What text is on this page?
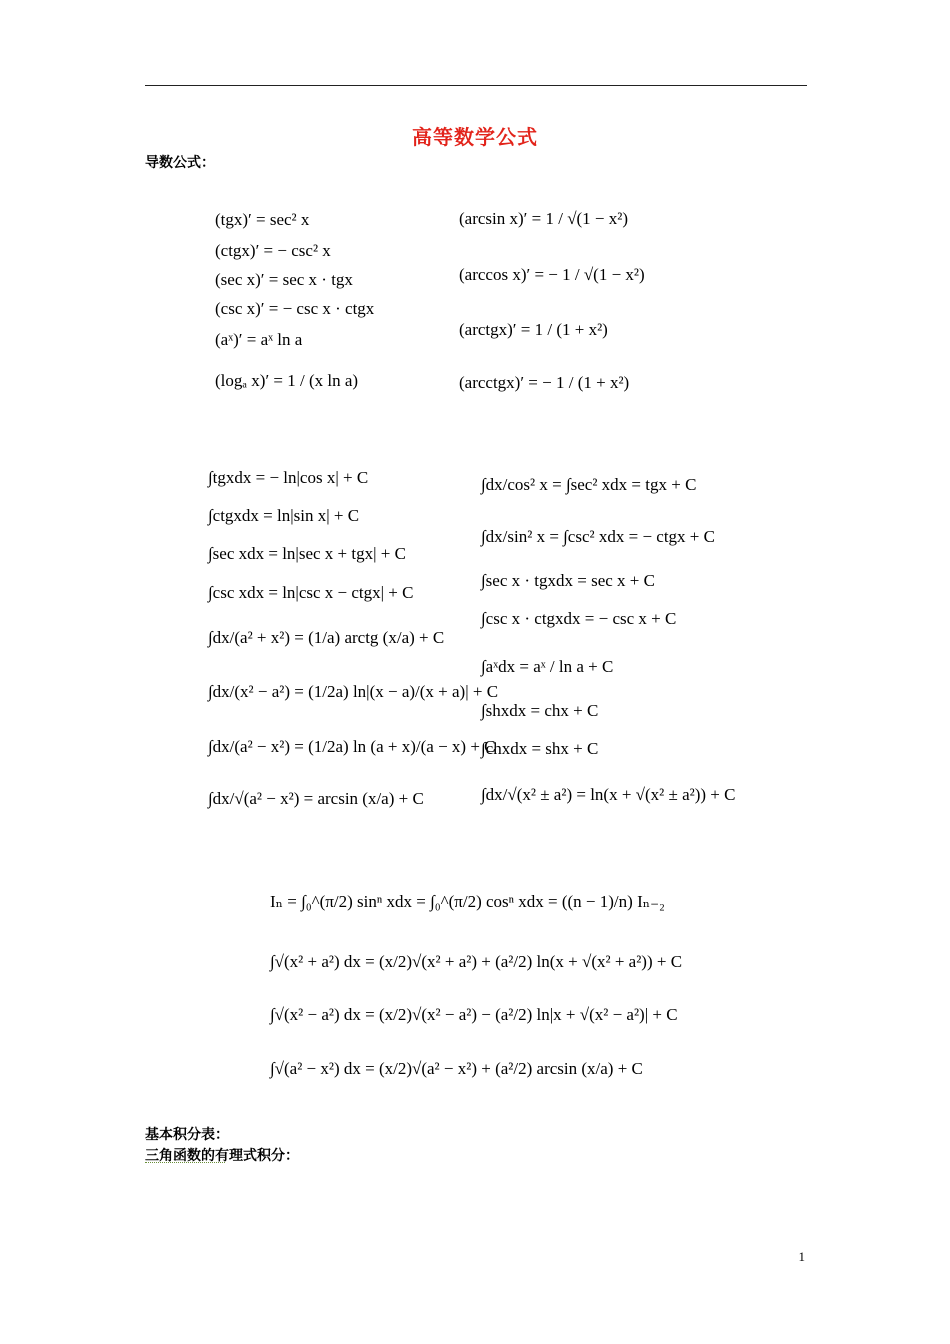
高等数学公式
导数公式：
(tgx)′ = sec² x
(ctgx)′ = − csc² x
(sec x)′ = sec x · tgx
(csc x)′ = − csc x · ctgx
(aˣ)′ = aˣ ln a
(logₐ x)′ = 1 / (x ln a)
(arcsin x)′ = 1 / √(1 − x²)
(arccos x)′ = − 1 / √(1 − x²)
(arctgx)′ = 1 / (1 + x²)
(arcctgx)′ = − 1 / (1 + x²)
∫tgxdx = − ln|cos x| + C
∫ctgxdx = ln|sin x| + C
∫sec xdx = ln|sec x + tgx| + C
∫csc xdx = ln|csc x − ctgx| + C
∫dx/(a² + x²) = (1/a) arctg (x/a) + C
∫dx/(x² − a²) = (1/2a) ln|(x − a)/(x + a)| + C
∫dx/(a² − x²) = (1/2a) ln (a + x)/(a − x) + C
∫dx/√(a² − x²) = arcsin (x/a) + C
∫dx/cos² x = ∫sec² xdx = tgx + C
∫dx/sin² x = ∫csc² xdx = − ctgx + C
∫sec x · tgxdx = sec x + C
∫csc x · ctgxdx = − csc x + C
∫aˣdx = aˣ / ln a + C
∫shxdx = chx + C
∫chxdx = shx + C
∫dx/√(x² ± a²) = ln(x + √(x² ± a²)) + C
Iₙ = ∫₀^(π/2) sinⁿ xdx = ∫₀^(π/2) cosⁿ xdx = ((n − 1)/n) Iₙ₋₂
∫√(x² + a²) dx = (x/2)√(x² + a²) + (a²/2) ln(x + √(x² + a²)) + C
∫√(x² − a²) dx = (x/2)√(x² − a²) − (a²/2) ln|x + √(x² − a²)| + C
∫√(a² − x²) dx = (x/2)√(a² − x²) + (a²/2) arcsin (x/a) + C
基本积分表：
三角函数的有理式积分：
1
